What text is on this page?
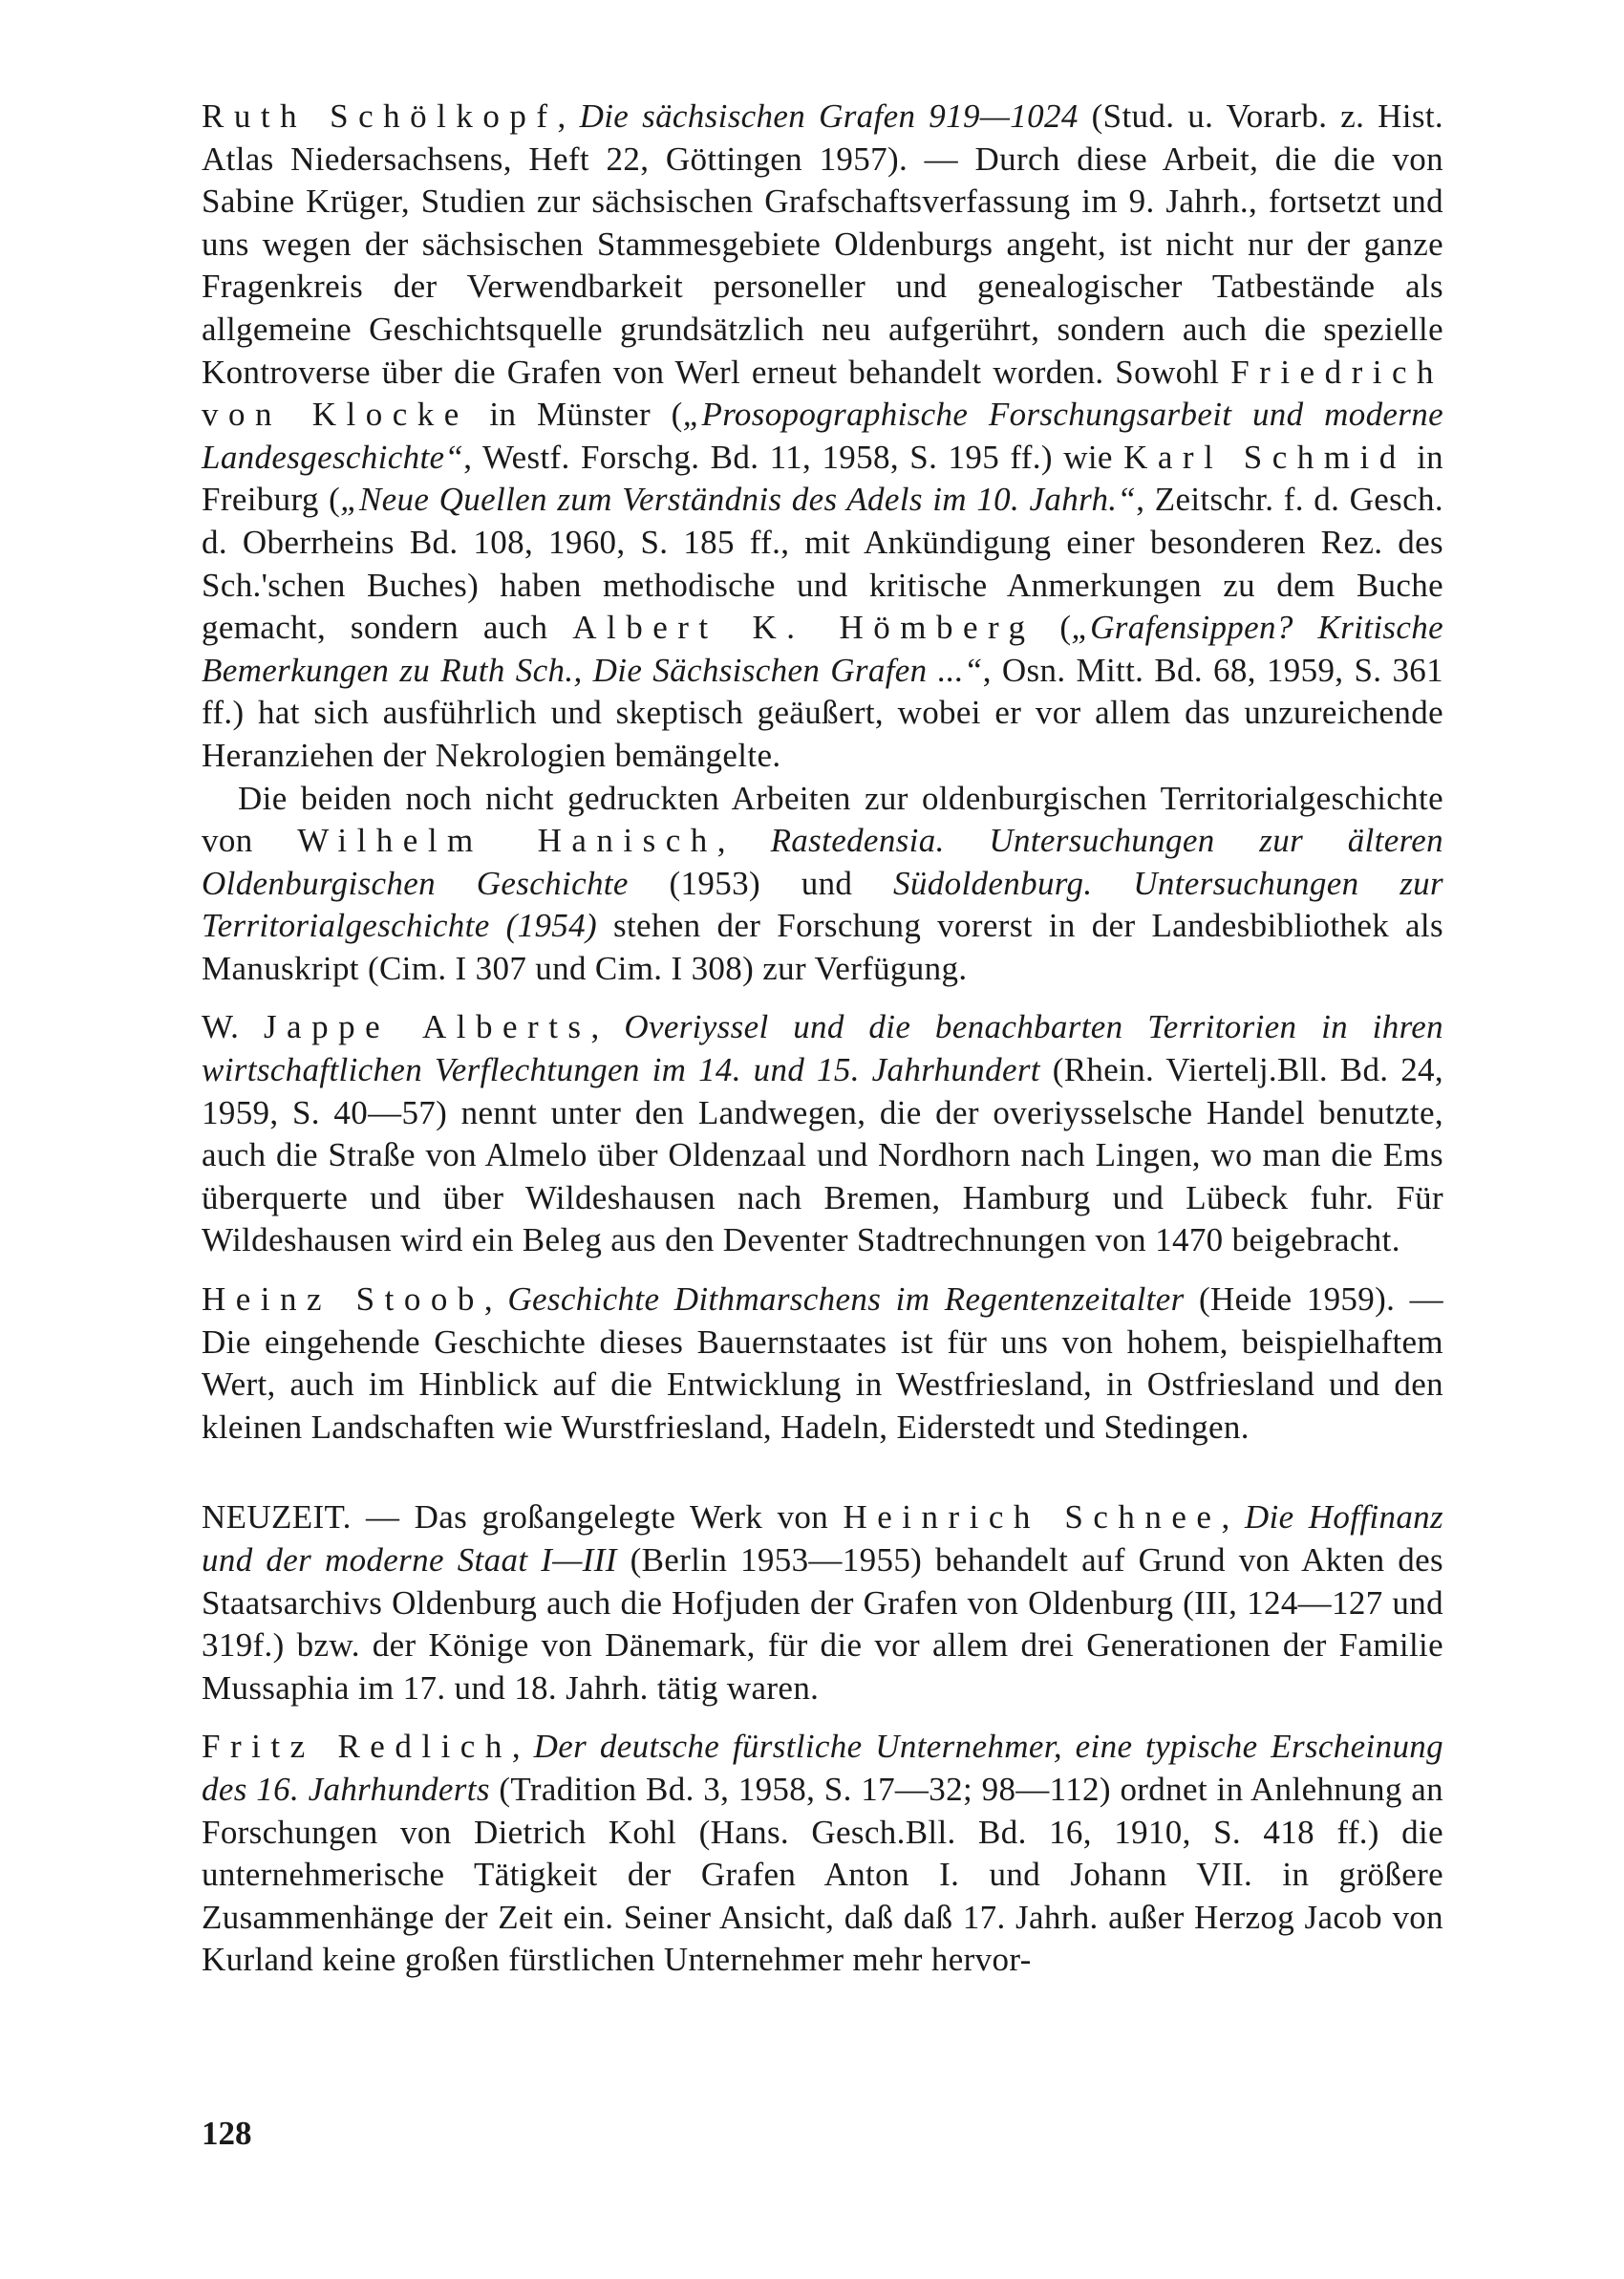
Ruth Schölkopf, Die sächsischen Grafen 919—1024 (Stud. u. Vorarb. z. Hist. Atlas Niedersachsens, Heft 22, Göttingen 1957). — Durch diese Arbeit, die die von Sabine Krüger, Studien zur sächsischen Grafschaftsverfassung im 9. Jahrh., fortsetzt und uns wegen der sächsischen Stammesgebiete Oldenburgs angeht, ist nicht nur der ganze Fragenkreis der Verwendbarkeit personeller und genealogischer Tatbestände als allgemeine Geschichtsquelle grundsätzlich neu aufgerührt, sondern auch die spezielle Kontroverse über die Grafen von Werl erneut behandelt worden. Sowohl Friedrich von Klocke in Münster („Prosopographische Forschungsarbeit und moderne Landesgeschichte“, Westf. Forschg. Bd. 11, 1958, S. 195 ff.) wie Karl Schmid in Freiburg („Neue Quellen zum Verständnis des Adels im 10. Jahrh.“, Zeitschr. f. d. Gesch. d. Oberrheins Bd. 108, 1960, S. 185 ff., mit Ankündigung einer besonderen Rez. des Sch.'schen Buches) haben methodische und kritische Anmerkungen zu dem Buche gemacht, sondern auch Albert K. Hömberg („Grafensippen? Kritische Bemerkungen zu Ruth Sch., Die Sächsischen Grafen ...“, Osn. Mitt. Bd. 68, 1959, S. 361 ff.) hat sich ausführlich und skeptisch geäußert, wobei er vor allem das unzureichende Heranziehen der Nekrologien bemängelte.

Die beiden noch nicht gedruckten Arbeiten zur oldenburgischen Territorialgeschichte von Wilhelm Hanisch, Rastedensia. Untersuchungen zur älteren Oldenburgischen Geschichte (1953) und Südoldenburg. Untersuchungen zur Territorialgeschichte (1954) stehen der Forschung vorerst in der Landesbibliothek als Manuskript (Cim. I 307 und Cim. I 308) zur Verfügung.

W. Jappe Alberts, Overiyssel und die benachbarten Territorien in ihren wirtschaftlichen Verflechtungen im 14. und 15. Jahrhundert (Rhein. Viertelj.Bll. Bd. 24, 1959, S. 40—57) nennt unter den Landwegen, die der overiysselsche Handel benutzte, auch die Straße von Almelo über Oldenzaal und Nordhorn nach Lingen, wo man die Ems überquerte und über Wildeshausen nach Bremen, Hamburg und Lübeck fuhr. Für Wildeshausen wird ein Beleg aus den Deventer Stadtrechnungen von 1470 beigebracht.

Heinz Stoob, Geschichte Dithmarschens im Regentenzeitalter (Heide 1959). — Die eingehende Geschichte dieses Bauernstaates ist für uns von hohem, beispielhaftem Wert, auch im Hinblick auf die Entwicklung in Westfriesland, in Ostfriesland und den kleinen Landschaften wie Wurstfriesland, Hadeln, Eiderstedt und Stedingen.

NEUZEIT. — Das großangelegte Werk von Heinrich Schnee, Die Hoffinanz und der moderne Staat I—III (Berlin 1953—1955) behandelt auf Grund von Akten des Staatsarchivs Oldenburg auch die Hofjuden der Grafen von Oldenburg (III, 124—127 und 319f.) bzw. der Könige von Dänemark, für die vor allem drei Generationen der Familie Mussaphia im 17. und 18. Jahrh. tätig waren.

Fritz Redlich, Der deutsche fürstliche Unternehmer, eine typische Erscheinung des 16. Jahrhunderts (Tradition Bd. 3, 1958, S. 17—32; 98—112) ordnet in Anlehnung an Forschungen von Dietrich Kohl (Hans. Gesch.Bll. Bd. 16, 1910, S. 418 ff.) die unternehmerische Tätigkeit der Grafen Anton I. und Johann VII. in größere Zusammenhänge der Zeit ein. Seiner Ansicht, daß daß 17. Jahrh. außer Herzog Jacob von Kurland keine großen fürstlichen Unternehmer mehr hervor-

128
